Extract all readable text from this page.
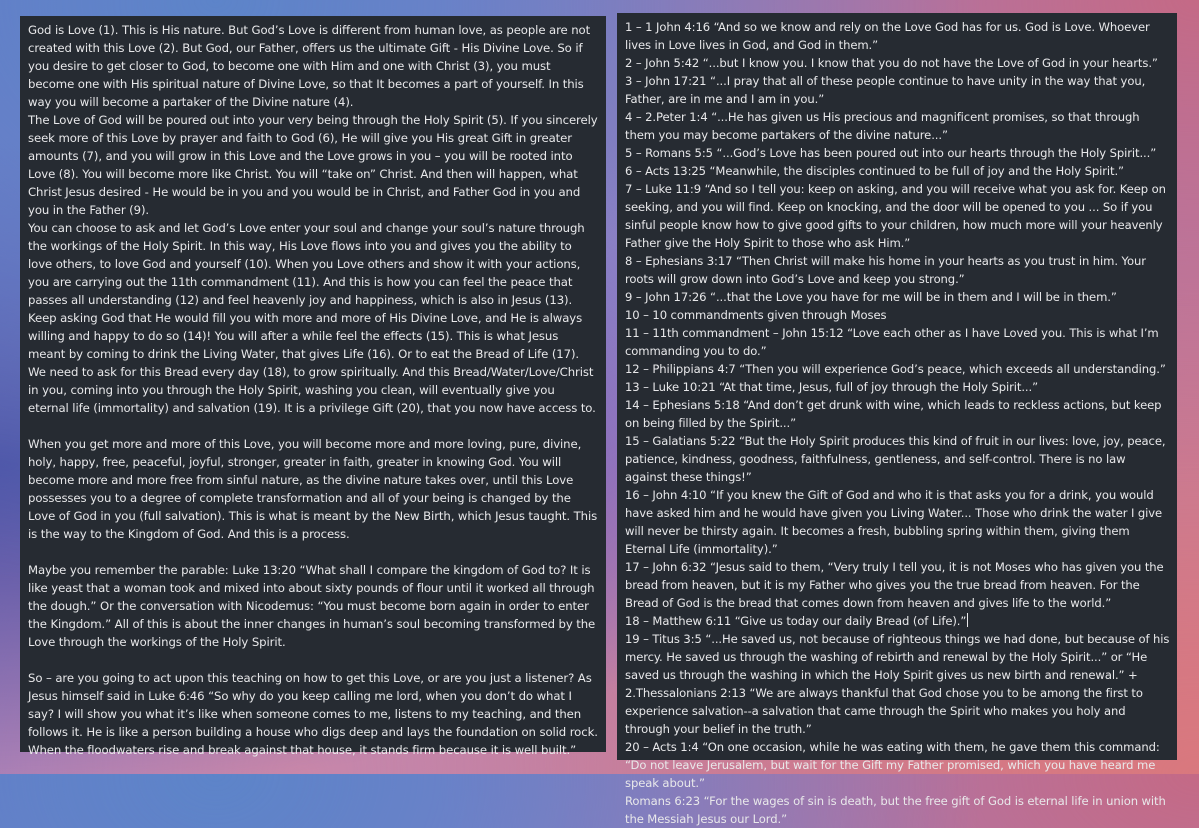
God is Love (1). This is His nature. But God’s Love is different from human love, as people are not created with this Love (2). But God, our Father, offers us the ultimate Gift - His Divine Love. So if you desire to get closer to God, to become one with Him and one with Christ (3), you must become one with His spiritual nature of Divine Love, so that It becomes a part of yourself. In this way you will become a partaker of the Divine nature (4).

The Love of God will be poured out into your very being through the Holy Spirit (5). If you sincerely seek more of this Love by prayer and faith to God (6), He will give you His great Gift in greater amounts (7), and you will grow in this Love and the Love grows in you – you will be rooted into Love (8). You will become more like Christ. You will “take on” Christ. And then will happen, what Christ Jesus desired - He would be in you and you would be in Christ, and Father God in you and you in the Father (9).

You can choose to ask and let God’s Love enter your soul and change your soul’s nature through the workings of the Holy Spirit. In this way, His Love flows into you and gives you the ability to love others, to love God and yourself (10). When you Love others and show it with your actions, you are carrying out the 11th commandment (11). And this is how you can feel the peace that passes all understanding (12) and feel heavenly joy and happiness, which is also in Jesus (13).

Keep asking God that He would fill you with more and more of His Divine Love, and He is always willing and happy to do so (14)! You will after a while feel the effects (15). This is what Jesus meant by coming to drink the Living Water, that gives Life (16). Or to eat the Bread of Life (17). We need to ask for this Bread every day (18), to grow spiritually. And this Bread/Water/Love/Christ in you, coming into you through the Holy Spirit, washing you clean, will eventually give you eternal life (immortality) and salvation (19). It is a privilege Gift (20), that you now have access to.

When you get more and more of this Love, you will become more and more loving, pure, divine, holy, happy, free, peaceful, joyful, stronger, greater in faith, greater in knowing God. You will become more and more free from sinful nature, as the divine nature takes over, until this Love possesses you to a degree of complete transformation and all of your being is changed by the Love of God in you (full salvation). This is what is meant by the New Birth, which Jesus taught. This is the way to the Kingdom of God. And this is a process.

Maybe you remember the parable: Luke 13:20 “What shall I compare the kingdom of God to? It is like yeast that a woman took and mixed into about sixty pounds of flour until it worked all through the dough.” Or the conversation with Nicodemus: “You must become born again in order to enter the Kingdom.” All of this is about the inner changes in human’s soul becoming transformed by the Love through the workings of the Holy Spirit.

So – are you going to act upon this teaching on how to get this Love, or are you just a listener? As Jesus himself said in Luke 6:46 “So why do you keep calling me lord, when you don’t do what I say? I will show you what it’s like when someone comes to me, listens to my teaching, and then follows it. He is like a person building a house who digs deep and lays the foundation on solid rock. When the floodwaters rise and break against that house, it stands firm because it is well built.”

1 – 1 John 4:16 “And so we know and rely on the Love God has for us. God is Love. Whoever lives in Love lives in God, and God in them.”

2 – John 5:42 “...but I know you. I know that you do not have the Love of God in your hearts.”

3 – John 17:21 “...I pray that all of these people continue to have unity in the way that you, Father, are in me and I am in you.”

4 – 2.Peter 1:4 “...He has given us His precious and magnificent promises, so that through them you may become partakers of the divine nature...”

5 – Romans 5:5 “...God’s Love has been poured out into our hearts through the Holy Spirit...”

6 – Acts 13:25 “Meanwhile, the disciples continued to be full of joy and the Holy Spirit.”

7 – Luke 11:9 “And so I tell you: keep on asking, and you will receive what you ask for. Keep on seeking, and you will find. Keep on knocking, and the door will be opened to you ... So if you sinful people know how to give good gifts to your children, how much more will your heavenly Father give the Holy Spirit to those who ask Him.”

8 – Ephesians 3:17 “Then Christ will make his home in your hearts as you trust in him. Your roots will grow down into God’s Love and keep you strong.”

9 – John 17:26 “...that the Love you have for me will be in them and I will be in them.”

10 – 10 commandments given through Moses

11 – 11th commandment – John 15:12 “Love each other as I have Loved you. This is what I’m commanding you to do.”

12 – Philippians 4:7 “Then you will experience God’s peace, which exceeds all understanding.”

13 – Luke 10:21 “At that time, Jesus, full of joy through the Holy Spirit...”

14 – Ephesians 5:18 “And don’t get drunk with wine, which leads to reckless actions, but keep on being filled by the Spirit...”

15 – Galatians 5:22 “But the Holy Spirit produces this kind of fruit in our lives: love, joy, peace, patience, kindness, goodness, faithfulness, gentleness, and self-control. There is no law against these things!”

16 – John 4:10 “If you knew the Gift of God and who it is that asks you for a drink, you would have asked him and he would have given you Living Water... Those who drink the water I give will never be thirsty again. It becomes a fresh, bubbling spring within them, giving them Eternal Life (immortality).”

17 – John 6:32 “Jesus said to them, “Very truly I tell you, it is not Moses who has given you the bread from heaven, but it is my Father who gives you the true bread from heaven. For the Bread of God is the bread that comes down from heaven and gives life to the world.”

18 – Matthew 6:11 “Give us today our daily Bread (of Life).”

19 – Titus 3:5 “...He saved us, not because of righteous things we had done, but because of his mercy. He saved us through the washing of rebirth and renewal by the Holy Spirit...” or “He saved us through the washing in which the Holy Spirit gives us new birth and renewal.” + 2.Thessalonians 2:13 “We are always thankful that God chose you to be among the first to experience salvation--a salvation that came through the Spirit who makes you holy and through your belief in the truth.”

20 – Acts 1:4 “On one occasion, while he was eating with them, he gave them this command: “Do not leave Jerusalem, but wait for the Gift my Father promised, which you have heard me speak about.”

Romans 6:23 “For the wages of sin is death, but the free gift of God is eternal life in union with the Messiah Jesus our Lord.”
